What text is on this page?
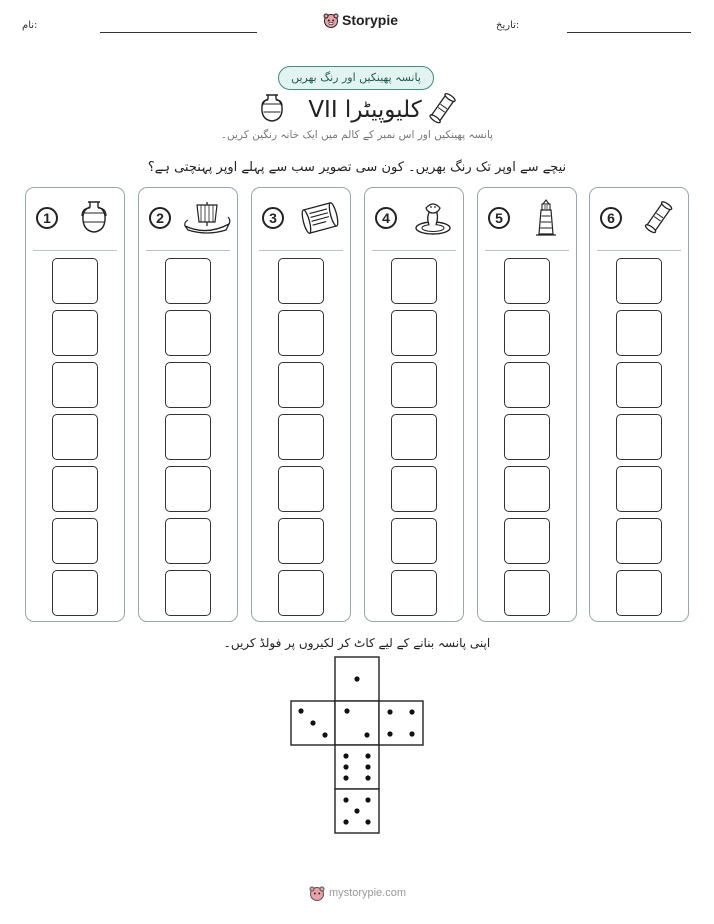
نام:	Storypie	تاریخ:
پانسہ پھینکیں اور رنگ بھریں
کلیوپیٹرا VII
پانسہ پھینکیں اور اس نمبر کے کالم میں ایک خانہ رنگین کریں۔
نیچے سے اوپر تک رنگ بھریں۔ کون سی تصویر سب سے پہلے اوپر پہنچتی ہے؟
1	2	3	4	5	6
اپنی پانسہ بنانے کے لیے کاٹ کر لکیروں پر فولڈ کریں۔
mystorypie.com
